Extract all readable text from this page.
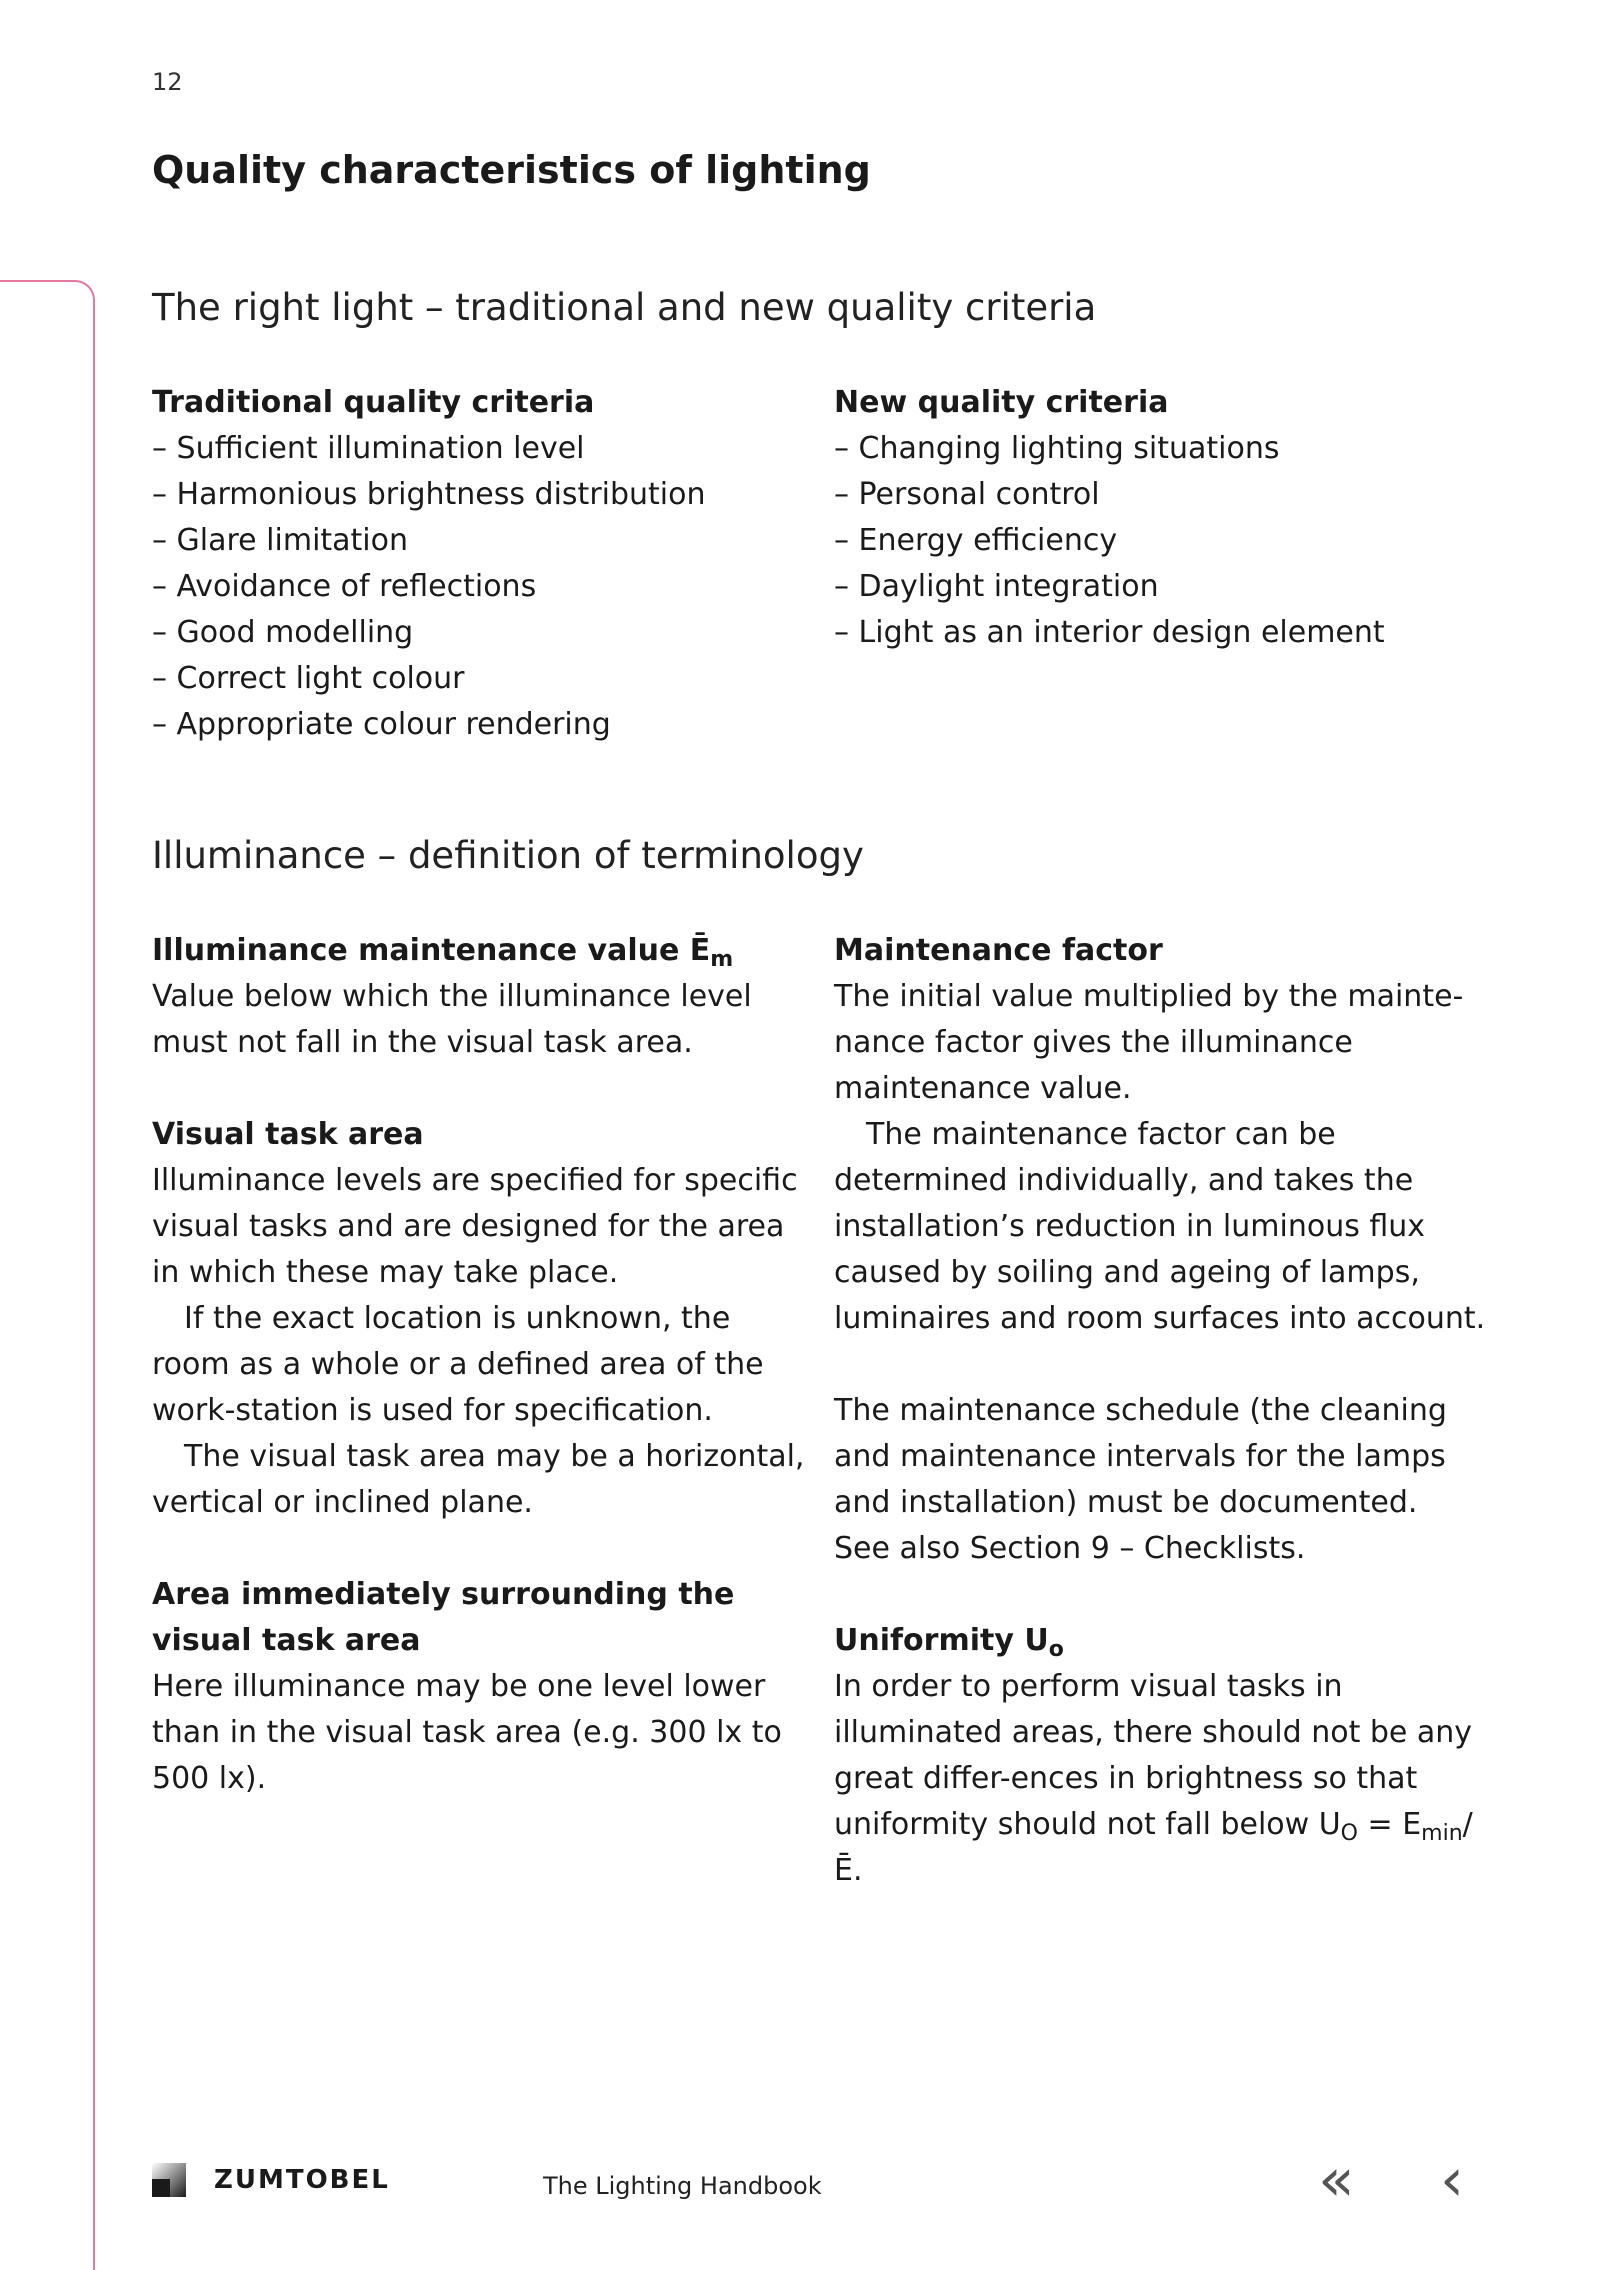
12
Quality characteristics of lighting
The right light – traditional and new quality criteria
Traditional quality criteria
– Sufficient illumination level
– Harmonious brightness distribution
– Glare limitation
– Avoidance of reflections
– Good modelling
– Correct light colour
– Appropriate colour rendering
New quality criteria
– Changing lighting situations
– Personal control
– Energy efficiency
– Daylight integration
– Light as an interior design element
Illuminance – definition of terminology
Illuminance maintenance value $Ē_m$

Value below which the illuminance level must not fall in the visual task area.

Visual task area

Illuminance levels are specified for specific visual tasks and are designed for the area in which these may take place.

If the exact location is unknown, the room as a whole or a defined area of the work-station is used for specification.

The visual task area may be a horizontal, vertical or inclined plane.

Area immediately surrounding the visual task area

Here illuminance may be one level lower than in the visual task area (e.g. 300 lx to 500 lx).

Maintenance factor

The initial value multiplied by the mainte-nance factor gives the illuminance maintenance value.

The maintenance factor can be determined individually, and takes the installation’s reduction in luminous flux caused by soiling and ageing of lamps, luminaires and room surfaces into account.

The maintenance schedule (the cleaning and maintenance intervals for the lamps and installation) must be documented.

See also Section 9 – Checklists.

Uniformity $U_o$

In order to perform visual tasks in illuminated areas, there should not be any great differ-ences in brightness so that uniformity should not fall below $U_O$ = $E_{min}/Ē$.

ZUMTOBEL	The Lighting Handbook	« ‹
